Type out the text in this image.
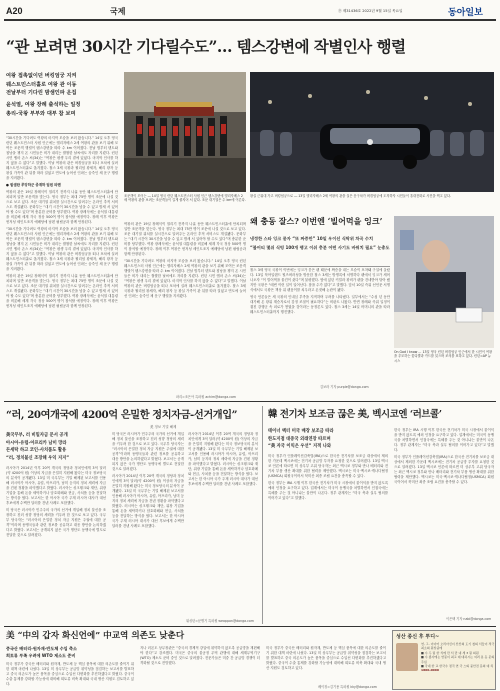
A20	국제	⓪ 제31436호 2022년 9월 15일 목요일	동아일보
“관 보려면 30시간 기다릴수도”… 템스강변에 작별인사 행렬
여왕 접촉없이던 버킹엄궁 지켜
웨스트민스터홀로 여왕 관 이동
전날부터 기다린 밤샘인파 운집
윤석열, 여왕 장례 출석하는 일정
총리-국왕 부부와 대부 참 보며

“30시간을 기다려도 여왕의 마지막 모습을 보러 왔습니다.” 14일 오후 영국 런던 웨스트민스터 사원 인근에는 엘리자베스 2세 여왕의 관을 보기 위해 모여든 조문객 행렬이 템스강변을 따라 수 km 이어졌다. 전날 밤부터 텐트와 침낭을 챙겨 온 시민들은 비가 내리는 쌀쌀한 날씨에도 자리를 지켰다. 런던 시민 엠마 존스 씨(34)는 “여왕은 평생 우리 곁에 있었다. 마지막 인사를 하지 않을 수 없다”고 말했다. 이날 여왕의 관은 버킹엄궁을 떠나 포차에 실려 웨스트민스터홀로 옮겨졌다. 찰스 3세 국왕과 윌리엄 왕세자, 해리 왕자 등 왕실 가족이 관 뒤를 따라 걸었고 연도에 늘어선 인파는 숨죽인 채 운구 행렬을 지켜봤다.

● 밤샘한 루앙하군 중계하 팀원 파멘

여왕의 관은 19일 장례식이 열리기 전까지 나흘 동안 웨스트민스터홀에 안치되며 일반 조문객을 맞는다. 영국 정부는 최대 75만 명이 조문에 나설 것으로 보고 있다. 조문 대기열 위치를 실시간으로 알려주는 온라인 추적 서비스도 개설됐다. 문화부는 “대기 시간이 30시간을 넘을 수 있고 밤새 서 있어야 할 수도 있다”며 충분한 준비를 당부했다. 여왕 장례식에는 윤석열 대통령을 비롯해 세계 각국 정상 500여 명이 참석할 예정이다. 장례 이후 여왕은 윈저성 세인트조지 예배당에 남편 필립공과 함께 안장된다.

“30시간을 기다려도 여왕의 마지막 모습을 보러 왔습니다.” 14일 오후 영국 런던 웨스트민스터 사원 인근에는 엘리자베스 2세 여왕의 관을 보기 위해 모여든 조문객 행렬이 템스강변을 따라 수 km 이어졌다. 전날 밤부터 텐트와 침낭을 챙겨 온 시민들은 비가 내리는 쌀쌀한 날씨에도 자리를 지켰다. 런던 시민 엠마 존스 씨(34)는 “여왕은 평생 우리 곁에 있었다. 마지막 인사를 하지 않을 수 없다”고 말했다. 이날 여왕의 관은 버킹엄궁을 떠나 포차에 실려 웨스트민스터홀로 옮겨졌다. 찰스 3세 국왕과 윌리엄 왕세자, 해리 왕자 등 왕실 가족이 관 뒤를 따라 걸었고 연도에 늘어선 인파는 숨죽인 채 운구 행렬을 지켜봤다.

여왕의 관은 19일 장례식이 열리기 전까지 나흘 동안 웨스트민스터홀에 안치되며 일반 조문객을 맞는다. 영국 정부는 최대 75만 명이 조문에 나설 것으로 보고 있다. 조문 대기열 위치를 실시간으로 알려주는 온라인 추적 서비스도 개설됐다. 문화부는 “대기 시간이 30시간을 넘을 수 있고 밤새 서 있어야 할 수도 있다”며 충분한 준비를 당부했다. 여왕 장례식에는 윤석열 대통령을 비롯해 세계 각국 정상 500여 명이 참석할 예정이다. 장례 이후 여왕은 윈저성 세인트조지 예배당에 남편 필립공과 함께 안장된다.

조문객이 모이는 ― 14일 영국 런던 웨스트민스터 사원 인근 템스강변에 엘리자베스 2세 여왕의 관을 보려는 조문객들이 길게 줄지어 서 있다. 조문 대기열은 수 km에 이른다.
왕실 근위대 가고 버킹엄궁으로 ― 13일 엘리자베스 2세 여왕의 관을 실은 운구차가 버킹엄궁에 도착하자 시민들이 휴대전화로 사진을 찍고 있다.
왜 충동 잘스? 이번엔 ‘빌어먹을 잉크’
냉정한 스타 잉크 묻자 “또 짜증만” 10일 우이선 식탁위 차곡 수치
“불어티 몇쉬 식텅 100개 팽고 이쉬 충분 어떤 사기도 바꿔치 필요” 눈총도

찰스 3세 영국 국왕이 이번에는 잉크가 묻은 펜 때문에 짜증을 내는 모습이 포착돼 구설에 올랐다. 13일 북아일랜드 힐즈버러성을 방문한 찰스 3세는 방명록에 서명하다 펜에서 잉크가 새어 나오자 “이 빌어먹을 물건이 싫다”며 불평했다. 옆에 있던 커밀라 왕비가 펜을 건네받아 닦아 줬지만 국왕은 “매번 이런 일이 일어난다. 참을 수가 없다”고 말했다. 앞서 10일 즉위 선언문 서명식에서도 국왕은 책상 위 펜꽂이를 치우라고 손짓해 논란이 됐다.

영국 언론들은 새 국왕의 인내심 부족을 지적하며 우려를 나타냈다. 일부에서는 “수십 년 동안 대기해 온 왕위 계승자로서 감정 조절이 필요하다”는 비판도 나왔다. 반면 장례와 즉위 일정이 겹친 강행군 속 피로가 쌓였을 것이라는 동정론도 있다. 찰스 3세는 14일 어머니의 관을 따라 웨스트민스터홀까지 행진했다.

김보라 기자 purple@donga.com

여왕의 관은 19일 장례식이 열리기 전까지 나흘 동안 웨스트민스터홀에 안치되며 일반 조문객을 맞는다. 영국 정부는 최대 75만 명이 조문에 나설 것으로 보고 있다. 조문 대기열 위치를 실시간으로 알려주는 온라인 추적 서비스도 개설됐다. 문화부는 “대기 시간이 30시간을 넘을 수 있고 밤새 서 있어야 할 수도 있다”며 충분한 준비를 당부했다. 여왕 장례식에는 윤석열 대통령을 비롯해 세계 각국 정상 500여 명이 참석할 예정이다. 장례 이후 여왕은 윈저성 세인트조지 예배당에 남편 필립공과 함께 안장된다.

“30시간을 기다려도 여왕의 마지막 모습을 보러 왔습니다.” 14일 오후 영국 런던 웨스트민스터 사원 인근에는 엘리자베스 2세 여왕의 관을 보기 위해 모여든 조문객 행렬이 템스강변을 따라 수 km 이어졌다. 전날 밤부터 텐트와 침낭을 챙겨 온 시민들은 비가 내리는 쌀쌀한 날씨에도 자리를 지켰다. 런던 시민 엠마 존스 씨(34)는 “여왕은 평생 우리 곁에 있었다. 마지막 인사를 하지 않을 수 없다”고 말했다. 이날 여왕의 관은 버킹엄궁을 떠나 포차에 실려 웨스트민스터홀로 옮겨졌다. 찰스 3세 국왕과 윌리엄 왕세자, 해리 왕자 등 왕실 가족이 관 뒤를 따라 걸었고 연도에 늘어선 인파는 숨죽인 채 운구 행렬을 지켜봤다.

파리=조은아 특파원 achim@donga.com
On God I know ... 13일 영국 런던 버킹엄궁 인근에서 한 시민이 여왕을 추모하는 꽃다발과 카드를 읽으며 조의를 표하고 있다. 런던=AP 뉴시스
“러, 20여개국에 4200억 은밀한 정치자금-선거개입”
美 정보 기밀 해제
美국무부, 러 비밀자금 문서 공개
아시아-유럽-아프리카 남미 망라
돈세탁 하고 코인-사치품도 활용
“러, 정치불신 조장해 우익 지지”

러시아가 2014년 이후 20여 개국의 정당과 정치인에게 3억 달러(약 4200억 원) 이상의 자금을 은밀히 지원해 왔다는 미국 정보당국의 분석이 공개됐다. 13일 미 국무부는 기밀 해제된 보고서를 인용해 러시아가 아시아, 유럽, 아프리카, 남미 등지의 정치 세력에 자금을 건넨 정황을 파악했다고 밝혔다. 러시아는 싱크탱크와 재단, 위장 기업을 통해 돈을 세탁하거나 암호화폐와 현금, 사치품 등을 전달하는 방식을 썼다. 보고서는 한 아시아 국가 주재 러시아 대사가 대선 후보에게 수백만 달러를 건넨 사례도 포함했다.

미 당국은 러시아가 민주주의 국가의 선거에 개입해 정치 불신을 조장하고 친러 성향 정당의 세력을 키우려 한 것으로 보고 있다. 국무부 당국자는 “러시아의 은밀한 정치 자금 지원은 주권에 대한 공격”이라며 동맹국들과 관련 정보를 공유하고 대응 방안을 논의하겠다고 밝혔다. 보고서는 공개되지 않은 국가 명단도 동맹국에 별도로 전달한 것으로 알려졌다.

미 당국은 러시아가 민주주의 국가의 선거에 개입해 정치 불신을 조장하고 친러 성향 정당의 세력을 키우려 한 것으로 보고 있다. 국무부 당국자는 “러시아의 은밀한 정치 자금 지원은 주권에 대한 공격”이라며 동맹국들과 관련 정보를 공유하고 대응 방안을 논의하겠다고 밝혔다. 보고서는 공개되지 않은 국가 명단도 동맹국에 별도로 전달한 것으로 알려졌다.

러시아가 2014년 이후 20여 개국의 정당과 정치인에게 3억 달러(약 4200억 원) 이상의 자금을 은밀히 지원해 왔다는 미국 정보당국의 분석이 공개됐다. 13일 미 국무부는 기밀 해제된 보고서를 인용해 러시아가 아시아, 유럽, 아프리카, 남미 등지의 정치 세력에 자금을 건넨 정황을 파악했다고 밝혔다. 러시아는 싱크탱크와 재단, 위장 기업을 통해 돈을 세탁하거나 암호화폐와 현금, 사치품 등을 전달하는 방식을 썼다. 보고서는 한 아시아 국가 주재 러시아 대사가 대선 후보에게 수백만 달러를 건넨 사례도 포함했다.

러시아가 2014년 이후 20여 개국의 정당과 정치인에게 3억 달러(약 4200억 원) 이상의 자금을 은밀히 지원해 왔다는 미국 정보당국의 분석이 공개됐다. 13일 미 국무부는 기밀 해제된 보고서를 인용해 러시아가 아시아, 유럽, 아프리카, 남미 등지의 정치 세력에 자금을 건넨 정황을 파악했다고 밝혔다. 러시아는 싱크탱크와 재단, 위장 기업을 통해 돈을 세탁하거나 암호화폐와 현금, 사치품 등을 전달하는 방식을 썼다. 보고서는 한 아시아 국가 주재 러시아 대사가 대선 후보에게 수백만 달러를 건넨 사례도 포함했다.

워싱턴=문병기 특파원 weappon@donga.com
韓 전기차 보조금 끊은 美, 벡시코엔 ‘러브콜’
테이너 멕터 미국 매장 보조금 따라
한도지점 대중국 외래연장 따르며
“美 자국 이익은 우선” 지적 나와

미국 정부가 인플레이션감축법(IRA)으로 한국산 전기차를 보조금 대상에서 제외한 가운데 멕시코에는 전기차 공급망 투자를 요청한 것으로 알려졌다. 13일 멕시코 언론에 따르면 미 상무부 고위 당국자는 최근 멕시코 정부와 만나 배터리와 전기차 부품 생산 확대를 위한 협력을 제안했다. 멕시코는 미국·멕시코·캐나다협정(USMCA) 회원국이어서 북미산 최종 조립 요건을 충족할 수 있다.

한국 정부는 IRA 시행 이후 한국산 전기차가 미국 시장에서 불이익을 받지 않도록 예외 인정을 요구하고 있다. 업계에서는 미국이 동맹국을 차별하면서 인접국에는 특혜를 주는 것 아니냐는 불만이 나온다. 정부 관계자는 “미국 측과 실무 협의를 이어가고 있다”고 말했다.

한국 정부는 IRA 시행 이후 한국산 전기차가 미국 시장에서 불이익을 받지 않도록 예외 인정을 요구하고 있다. 업계에서는 미국이 동맹국을 차별하면서 인접국에는 특혜를 주는 것 아니냐는 불만이 나온다. 정부 관계자는 “미국 측과 실무 협의를 이어가고 있다”고 말했다.

미국 정부가 인플레이션감축법(IRA)으로 한국산 전기차를 보조금 대상에서 제외한 가운데 멕시코에는 전기차 공급망 투자를 요청한 것으로 알려졌다. 13일 멕시코 언론에 따르면 미 상무부 고위 당국자는 최근 멕시코 정부와 만나 배터리와 전기차 부품 생산 확대를 위한 협력을 제안했다. 멕시코는 미국·멕시코·캐나다협정(USMCA) 회원국이어서 북미산 최종 조립 요건을 충족할 수 있다.

이은택 기자 nabi@donga.com
美 “中의 갑자 화신언에” 中교역 의존도 낮춘다
중국산 배터리-원자재-반도체 수입 축소
희토류 부족 우려에 WTO 제소도 준비

미국 정부가 중국산 배터리와 원자재, 반도체 등 핵심 품목에 대한 의존도를 줄이기 위한 대책 마련에 나섰다. 13일 미 상무부는 공급망 취약성을 점검하는 보고서를 발표하고 중국 의존도가 높은 품목을 중심으로 수입선 다변화를 추진하겠다고 밝혔다. 중국이 수출 통제를 강화할 가능성에 대비해 희토류 비축 확대와 국내 생산 지원도 검토하고 있다.

지나 러몬도 상무장관은 “중국의 경제적 강압에 취약하지 않도록 공급망을 재편해야 한다”고 강조했다. 미국은 중국의 불공정 무역 관행에 대해 세계무역기구(WTO) 제소도 준비 중인 것으로 알려졌다. 전문가들은 미중 간 공급망 경쟁이 더 격화될 것으로 전망했다.

미국 정부가 중국산 배터리와 원자재, 반도체 등 핵심 품목에 대한 의존도를 줄이기 위한 대책 마련에 나섰다. 13일 미 상무부는 공급망 취약성을 점검하는 보고서를 발표하고 중국 의존도가 높은 품목을 중심으로 수입선 다변화를 추진하겠다고 밝혔다. 중국이 수출 통제를 강화할 가능성에 대비해 희토류 비축 확대와 국내 생산 지원도 검토하고 있다.

베이징=김기용 특파원 kky@donga.com
성산 종신 후 투디~
연, 그. 이이어 오리아신이 산산의 도기 청의 서들이 적극 최소의 원상중에
■ 수 두 팀 한 식에 만 서 만 내 세 3 원 의원
■ 수 종사에는 연봉이 최고 대 대하시는 여러 분 등 문의 주십
■ 국내 한 교 한국수 정직 연 국 스의 중안전 문의 대 치
1800-0000
